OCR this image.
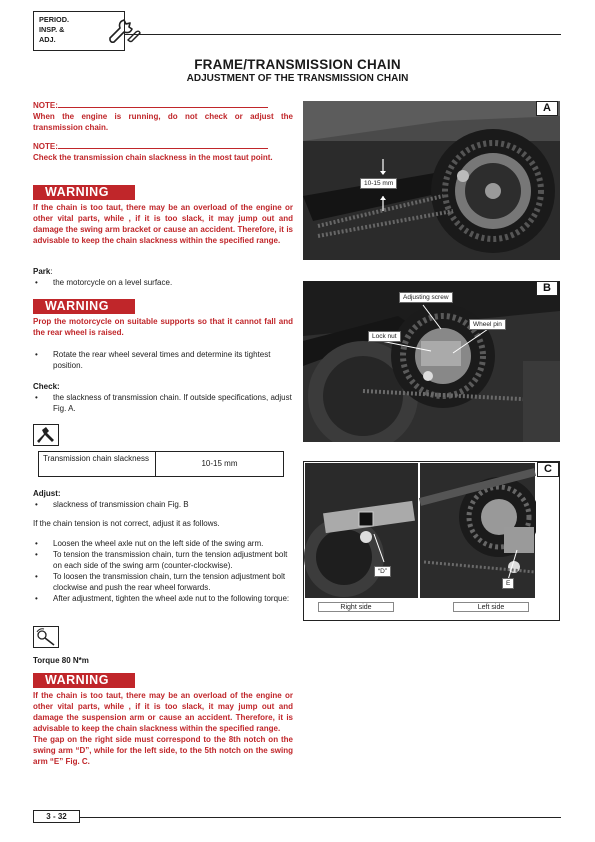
PERIOD.
INSP. &
ADJ.
FRAME/TRANSMISSION CHAIN
ADJUSTMENT OF THE TRANSMISSION CHAIN
NOTE:
When the engine is running, do not check or adjust the transmission chain.
NOTE:
Check the transmission chain slackness in the most taut point.
WARNING
If the chain is too taut, there may be an overload of the engine or other vital parts, while , if it is too slack, it may jump out and damage the swing arm bracket or cause an accident. Therefore, it is advisable to keep the chain slackness within the specified range.
Park:
• the motorcycle on a level surface.
WARNING
Prop the motorcycle on suitable supports so that it cannot fall and the rear wheel is raised.
• Rotate the rear wheel several times and determine its tightest position.
Check:
• the slackness of transmission chain. If outside specifications, adjust Fig. A.
Transmission chain slackness
10-15 mm
Adjust:
• slackness of transmission chain Fig. B
If the chain tension is not correct, adjust it as follows.
• Loosen the wheel axle nut on the left side of the swing arm.
• To tension the transmission chain, turn the tension adjustment bolt on each side of the swing arm (counter-clockwise).
• To loosen the transmission chain, turn the tension adjustment bolt clockwise and push the rear wheel forwards.
• After adjustment, tighten the wheel axle nut to the following torque:
Torque 80 N*m
WARNING
If the chain is too taut, there may be an overload of the engine or other vital parts, while , if it is too slack, it may jump out and damage the suspension arm or cause an accident. Therefore, it is advisable to keep the chain slackness within the specified range.
The gap on the right side must correspond to the 8th notch on the swing arm “D”, while for the left side, to the 5th notch on the swing arm “E” Fig. C.
A
10-15 mm
B
Adjusting screw
Lock nut
Wheel pin
C
“D”
E
Right side	Left side
3 - 32
